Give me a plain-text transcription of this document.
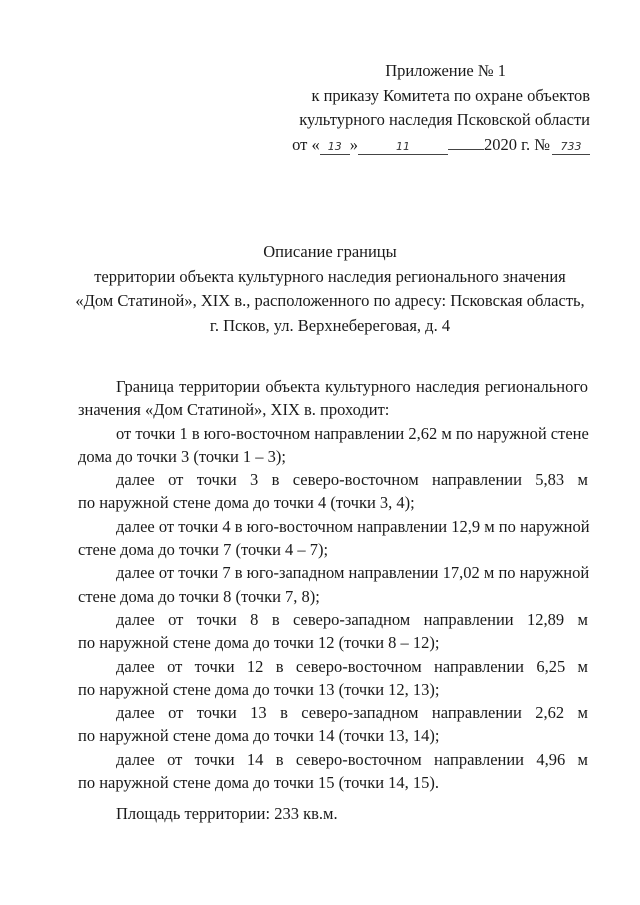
Приложение № 1
к приказу Комитета по охране объектов
культурного наследия Псковской области
от « 13 »	11	2020 г. № 733
Описание границы
территории объекта культурного наследия регионального значения
«Дом Статиной», XIX в., расположенного по адресу: Псковская область,
г. Псков, ул. Верхнебереговая, д. 4
Граница территории объекта культурного наследия регионального
значения «Дом Статиной», XIX в. проходит:
от точки 1 в юго-восточном направлении 2,62 м по наружной стене
дома до точки 3 (точки 1 – 3);
далее от точки 3 в северо-восточном направлении 5,83 м
по наружной стене дома до точки 4 (точки 3, 4);
далее от точки 4 в юго-восточном направлении 12,9 м по наружной
стене дома до точки 7 (точки 4 – 7);
далее от точки 7 в юго-западном направлении 17,02 м по наружной
стене дома до точки 8 (точки 7, 8);
далее от точки 8 в северо-западном направлении 12,89 м
по наружной стене дома до точки 12 (точки 8 – 12);
далее от точки 12 в северо-восточном направлении 6,25 м
по наружной стене дома до точки 13 (точки 12, 13);
далее от точки 13 в северо-западном направлении 2,62 м
по наружной стене дома до точки 14 (точки 13, 14);
далее от точки 14 в северо-восточном направлении 4,96 м
по наружной стене дома до точки 15 (точки 14, 15).
Площадь территории: 233 кв.м.
